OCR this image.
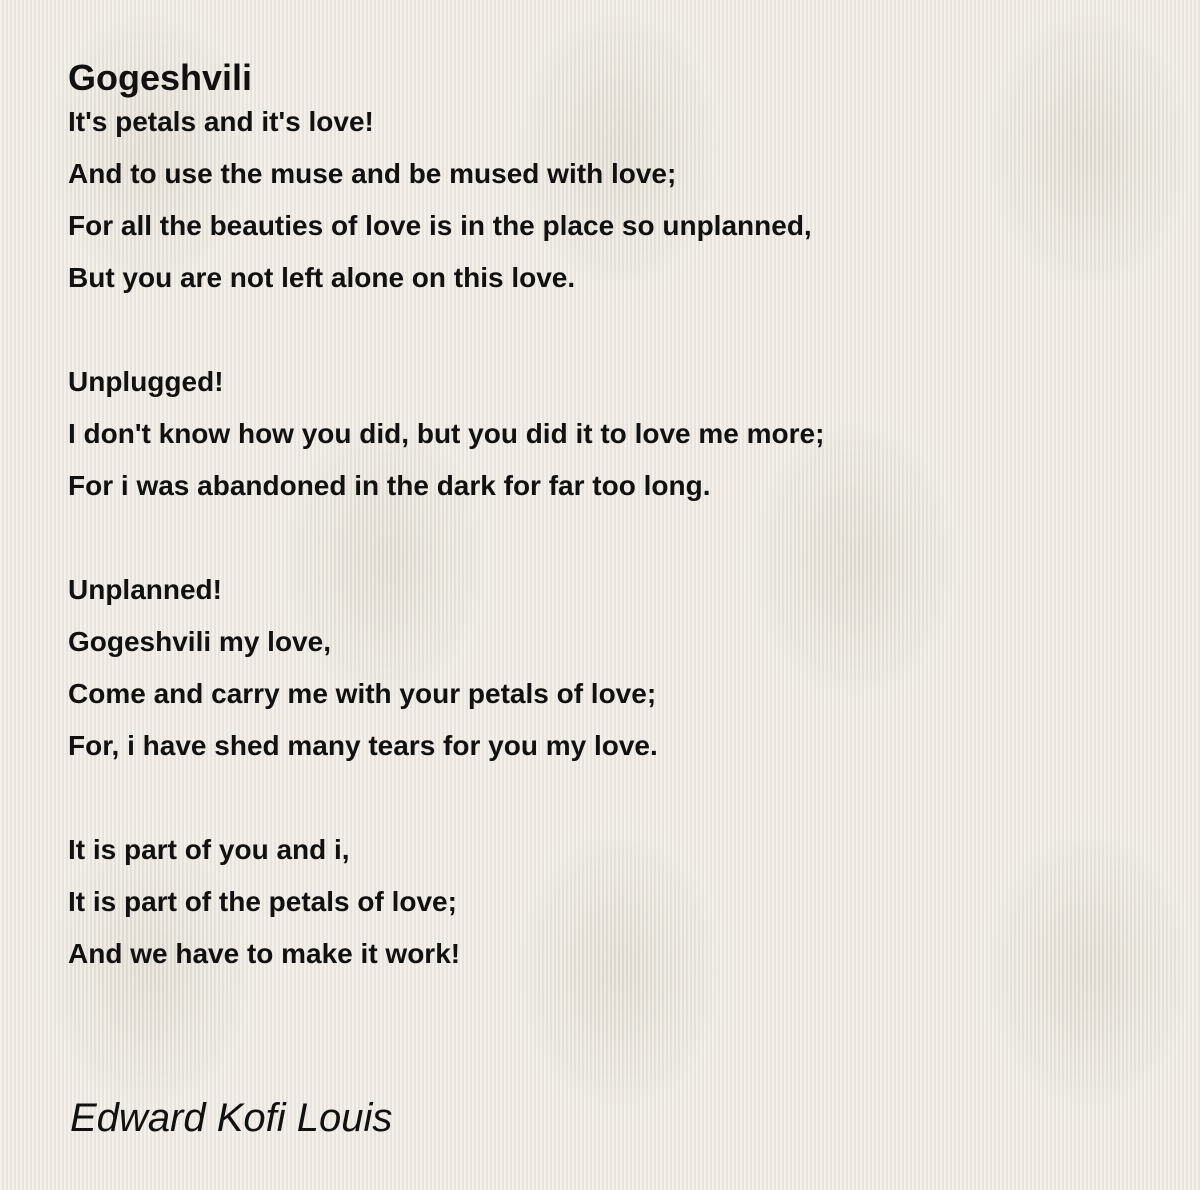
Gogeshvili
It's petals and it's love!
And to use the muse and be mused with love;
For all the beauties of love is in the place so unplanned,
But you are not left alone on this love.
Unplugged!
I don't know how you did, but you did it to love me more;
For i was abandoned in the dark for far too long.
Unplanned!
Gogeshvili my love,
Come and carry me with your petals of love;
For, i have shed many tears for you my love.
It is part of you and i,
It is part of the petals of love;
And we have to make it work!
Edward Kofi Louis
